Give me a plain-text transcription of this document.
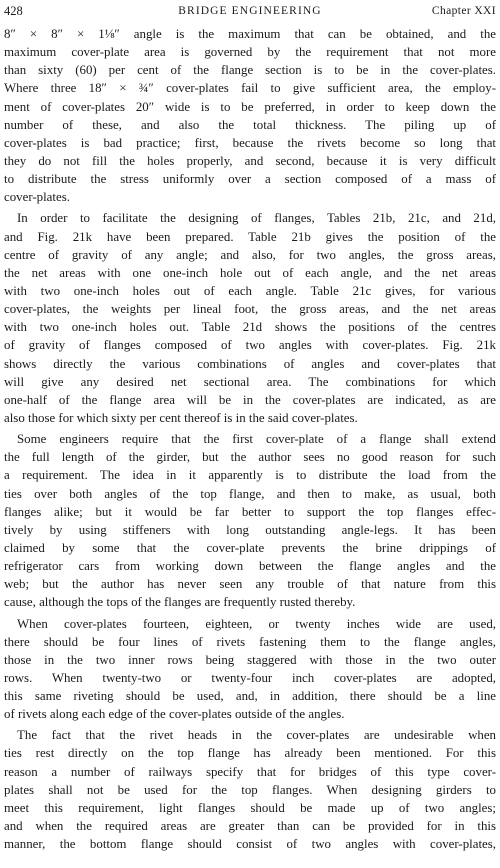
428	BRIDGE ENGINEERING	Chapter XXI
8″ × 8″ × 1⅛″ angle is the maximum that can be obtained, and the
maximum cover-plate area is governed by the requirement that not more
than sixty (60) per cent of the flange section is to be in the cover-plates.
Where three 18″ × ¾″ cover-plates fail to give sufficient area, the employ-
ment of cover-plates 20″ wide is to be preferred, in order to keep down the
number of these, and also the total thickness. The piling up of
cover-plates is bad practice; first, because the rivets become so long that
they do not fill the holes properly, and second, because it is very difficult
to distribute the stress uniformly over a section composed of a mass of
cover-plates.
In order to facilitate the designing of flanges, Tables 21b, 21c, and 21d,
and Fig. 21k have been prepared. Table 21b gives the position of the
centre of gravity of any angle; and also, for two angles, the gross areas,
the net areas with one one-inch hole out of each angle, and the net areas
with two one-inch holes out of each angle. Table 21c gives, for various
cover-plates, the weights per lineal foot, the gross areas, and the net areas
with two one-inch holes out. Table 21d shows the positions of the centres
of gravity of flanges composed of two angles with cover-plates. Fig. 21k
shows directly the various combinations of angles and cover-plates that
will give any desired net sectional area. The combinations for which
one-half of the flange area will be in the cover-plates are indicated, as are
also those for which sixty per cent thereof is in the said cover-plates.
Some engineers require that the first cover-plate of a flange shall extend
the full length of the girder, but the author sees no good reason for such
a requirement. The idea in it apparently is to distribute the load from the
ties over both angles of the top flange, and then to make, as usual, both
flanges alike; but it would be far better to support the top flanges effec-
tively by using stiffeners with long outstanding angle-legs. It has been
claimed by some that the cover-plate prevents the brine drippings of
refrigerator cars from working down between the flange angles and the
web; but the author has never seen any trouble of that nature from this
cause, although the tops of the flanges are frequently rusted thereby.
When cover-plates fourteen, eighteen, or twenty inches wide are used,
there should be four lines of rivets fastening them to the flange angles,
those in the two inner rows being staggered with those in the two outer
rows. When twenty-two or twenty-four inch cover-plates are adopted,
this same riveting should be used, and, in addition, there should be a line
of rivets along each edge of the cover-plates outside of the angles.
The fact that the rivet heads in the cover-plates are undesirable when
ties rest directly on the top flange has already been mentioned. For this
reason a number of railways specify that for bridges of this type cover-
plates shall not be used for the top flanges. When designing girders to
meet this requirement, light flanges should be made up of two angles;
and when the required areas are greater than can be provided for in this
manner, the bottom flange should consist of two angles with cover-plates,
